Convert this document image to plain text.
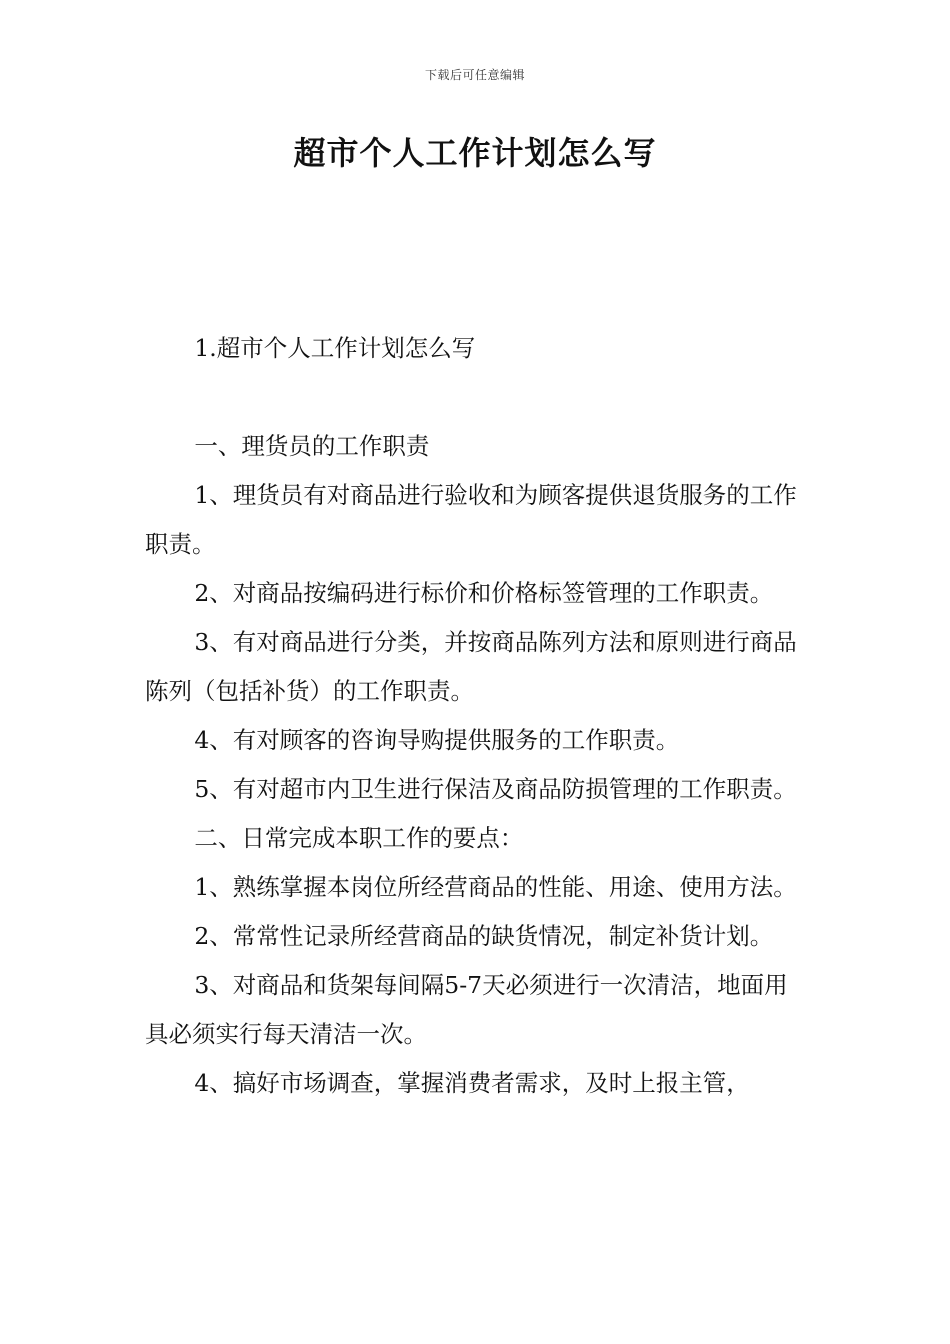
下载后可任意编辑
超市个人工作计划怎么写

1.超市个人工作计划怎么写

一、理货员的工作职责

1、理货员有对商品进行验收和为顾客提供退货服务的工作职责。

2、对商品按编码进行标价和价格标签管理的工作职责。

3、有对商品进行分类，并按商品陈列方法和原则进行商品陈列（包括补货）的工作职责。

4、有对顾客的咨询导购提供服务的工作职责。

5、有对超市内卫生进行保洁及商品防损管理的工作职责。

二、日常完成本职工作的要点：

1、熟练掌握本岗位所经营商品的性能、用途、使用方法。

2、常常性记录所经营商品的缺货情况，制定补货计划。

3、对商品和货架每间隔5-7天必须进行一次清洁，地面用具必须实行每天清洁一次。

4、搞好市场调查，掌握消费者需求，及时上报主管，
